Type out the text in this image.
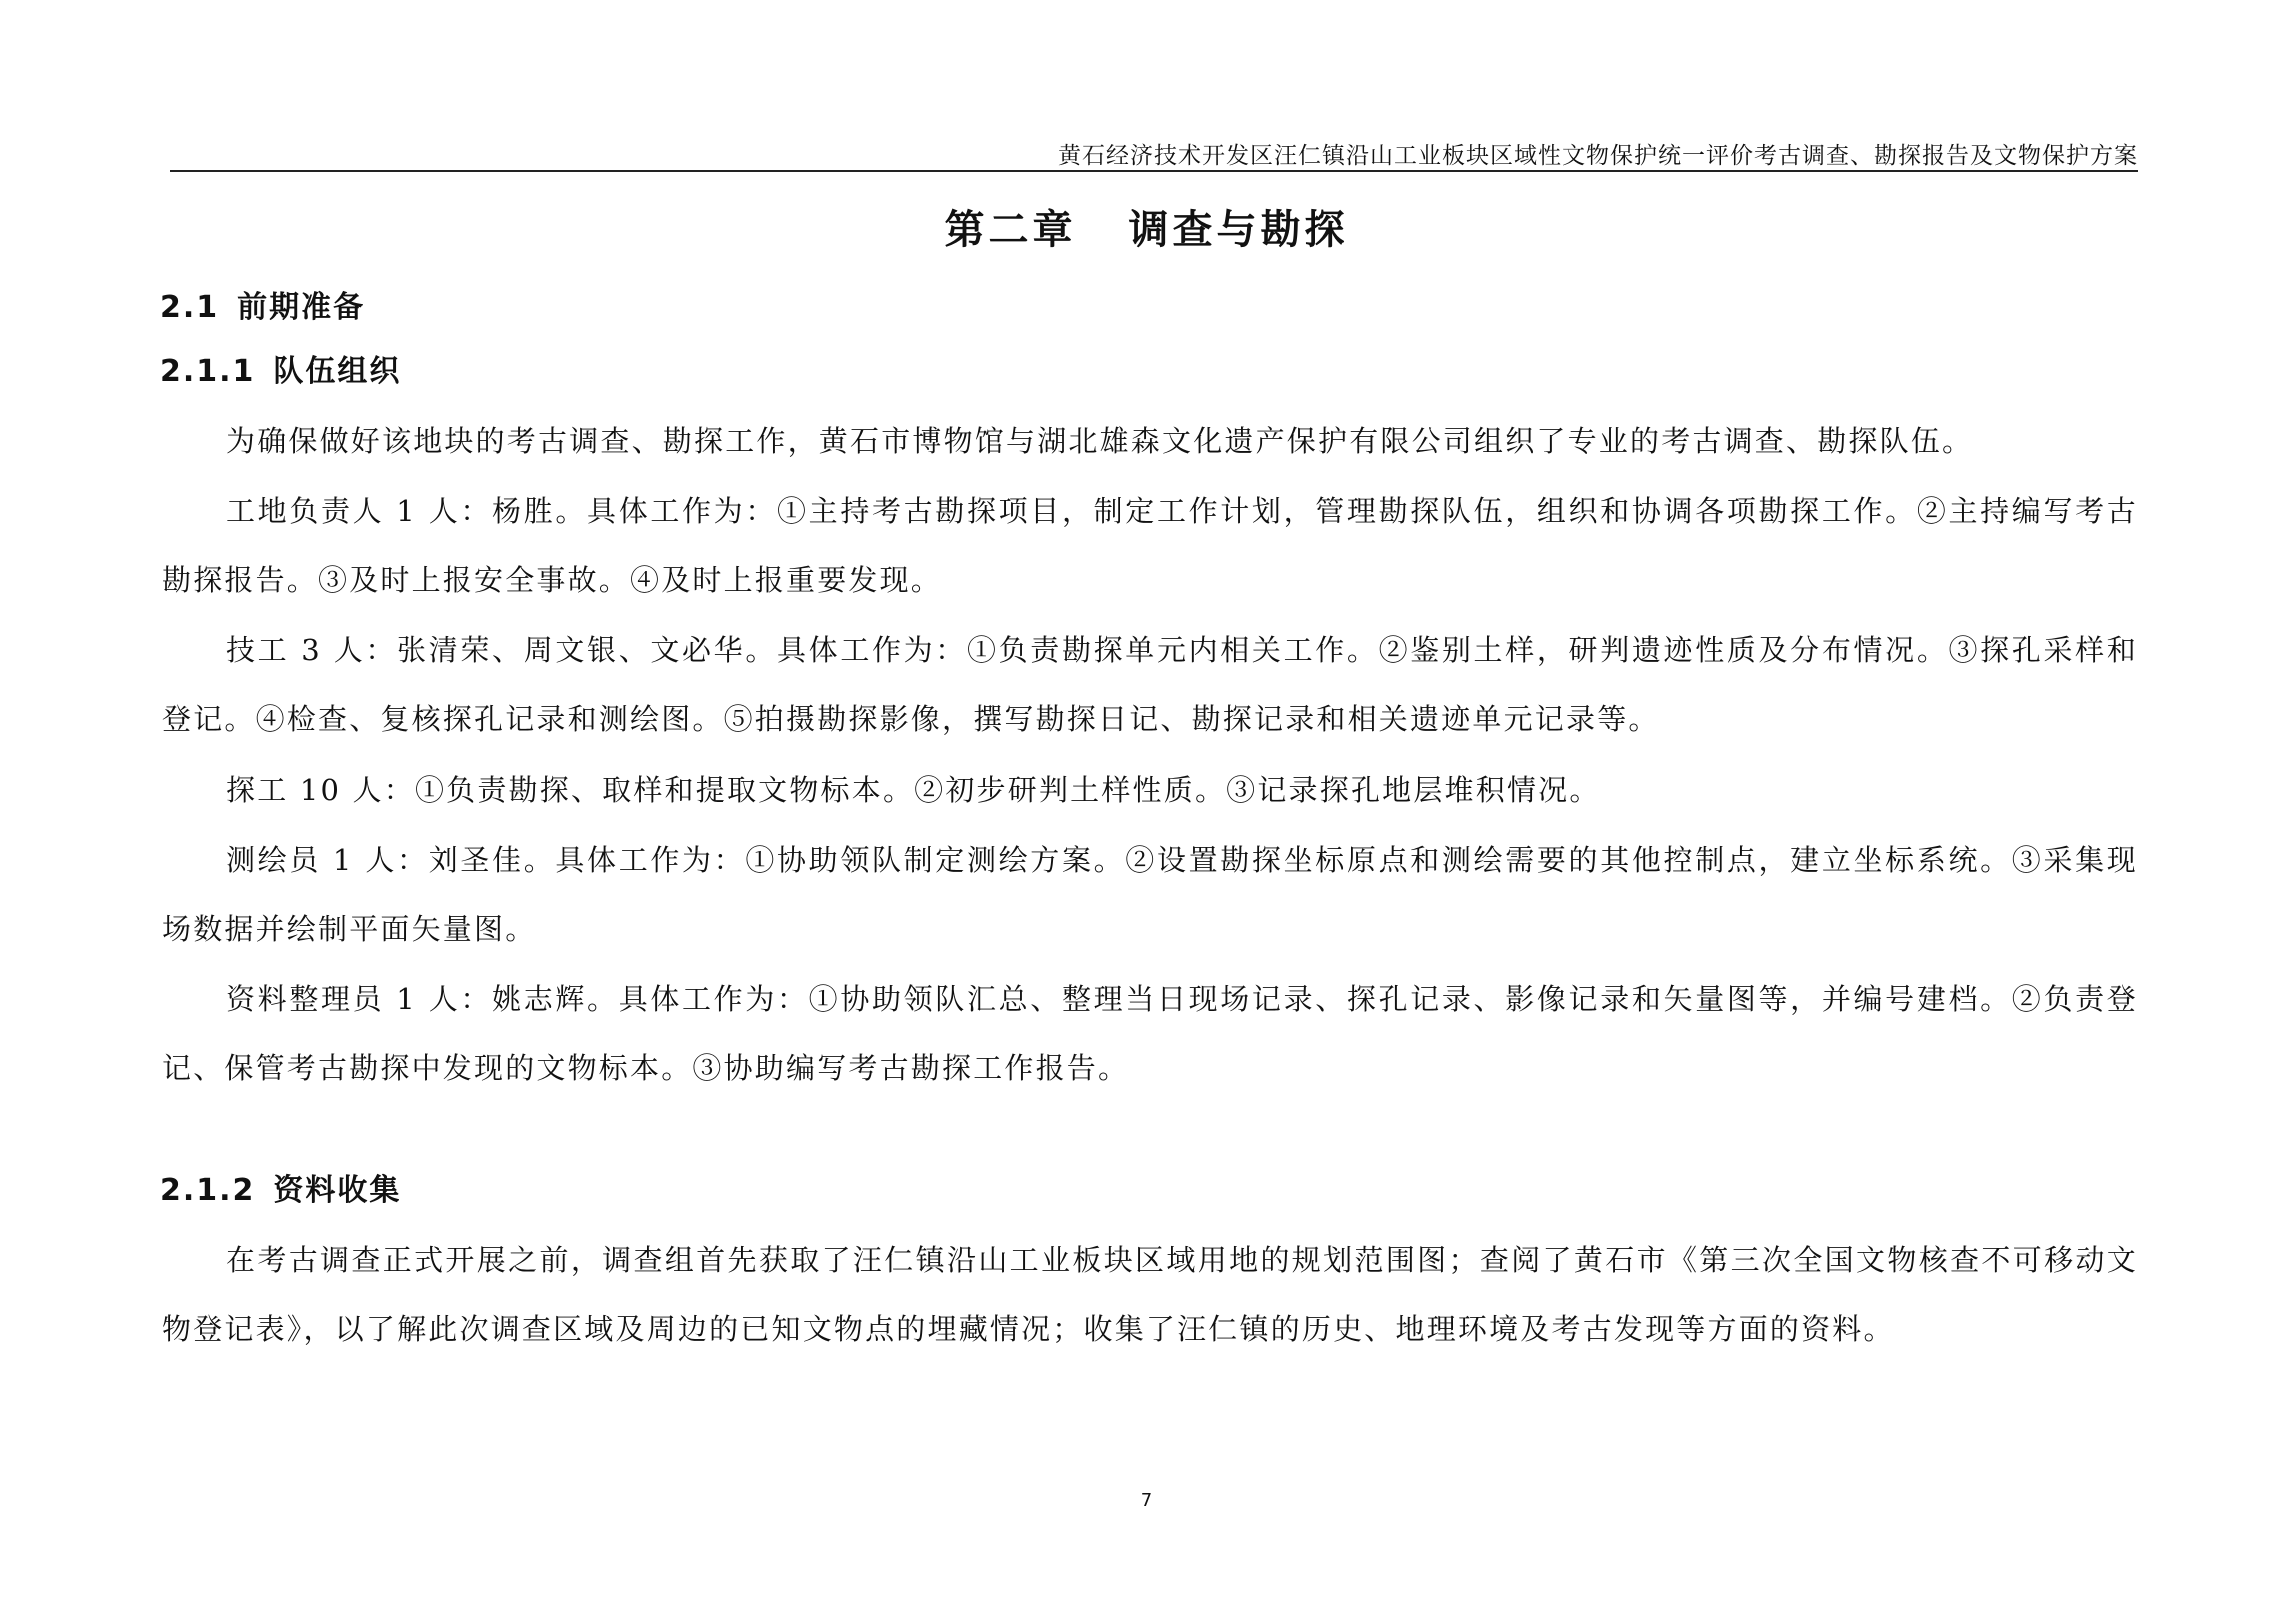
黄石经济技术开发区汪仁镇沿山工业板块区域性文物保护统一评价考古调查、勘探报告及文物保护方案
第二章 调查与勘探
2.1 前期准备
2.1.1 队伍组织

为确保做好该地块的考古调查、勘探工作，黄石市博物馆与湖北雄森文化遗产保护有限公司组织了专业的考古调查、勘探队伍。

工地负责人 1 人：杨胜。具体工作为：①主持考古勘探项目，制定工作计划，管理勘探队伍，组织和协调各项勘探工作。②主持编写考古勘探报告。③及时上报安全事故。④及时上报重要发现。

技工 3 人：张清荣、周文银、文必华。具体工作为：①负责勘探单元内相关工作。②鉴别土样，研判遗迹性质及分布情况。③探孔采样和登记。④检查、复核探孔记录和测绘图。⑤拍摄勘探影像，撰写勘探日记、勘探记录和相关遗迹单元记录等。

探工 10 人：①负责勘探、取样和提取文物标本。②初步研判土样性质。③记录探孔地层堆积情况。

测绘员 1 人：刘圣佳。具体工作为：①协助领队制定测绘方案。②设置勘探坐标原点和测绘需要的其他控制点，建立坐标系统。③采集现场数据并绘制平面矢量图。

资料整理员 1 人：姚志辉。具体工作为：①协助领队汇总、整理当日现场记录、探孔记录、影像记录和矢量图等，并编号建档。②负责登记、保管考古勘探中发现的文物标本。③协助编写考古勘探工作报告。

2.1.2 资料收集

在考古调查正式开展之前，调查组首先获取了汪仁镇沿山工业板块区域用地的规划范围图；查阅了黄石市《第三次全国文物核查不可移动文物登记表》，以了解此次调查区域及周边的已知文物点的埋藏情况；收集了汪仁镇的历史、地理环境及考古发现等方面的资料。

7
